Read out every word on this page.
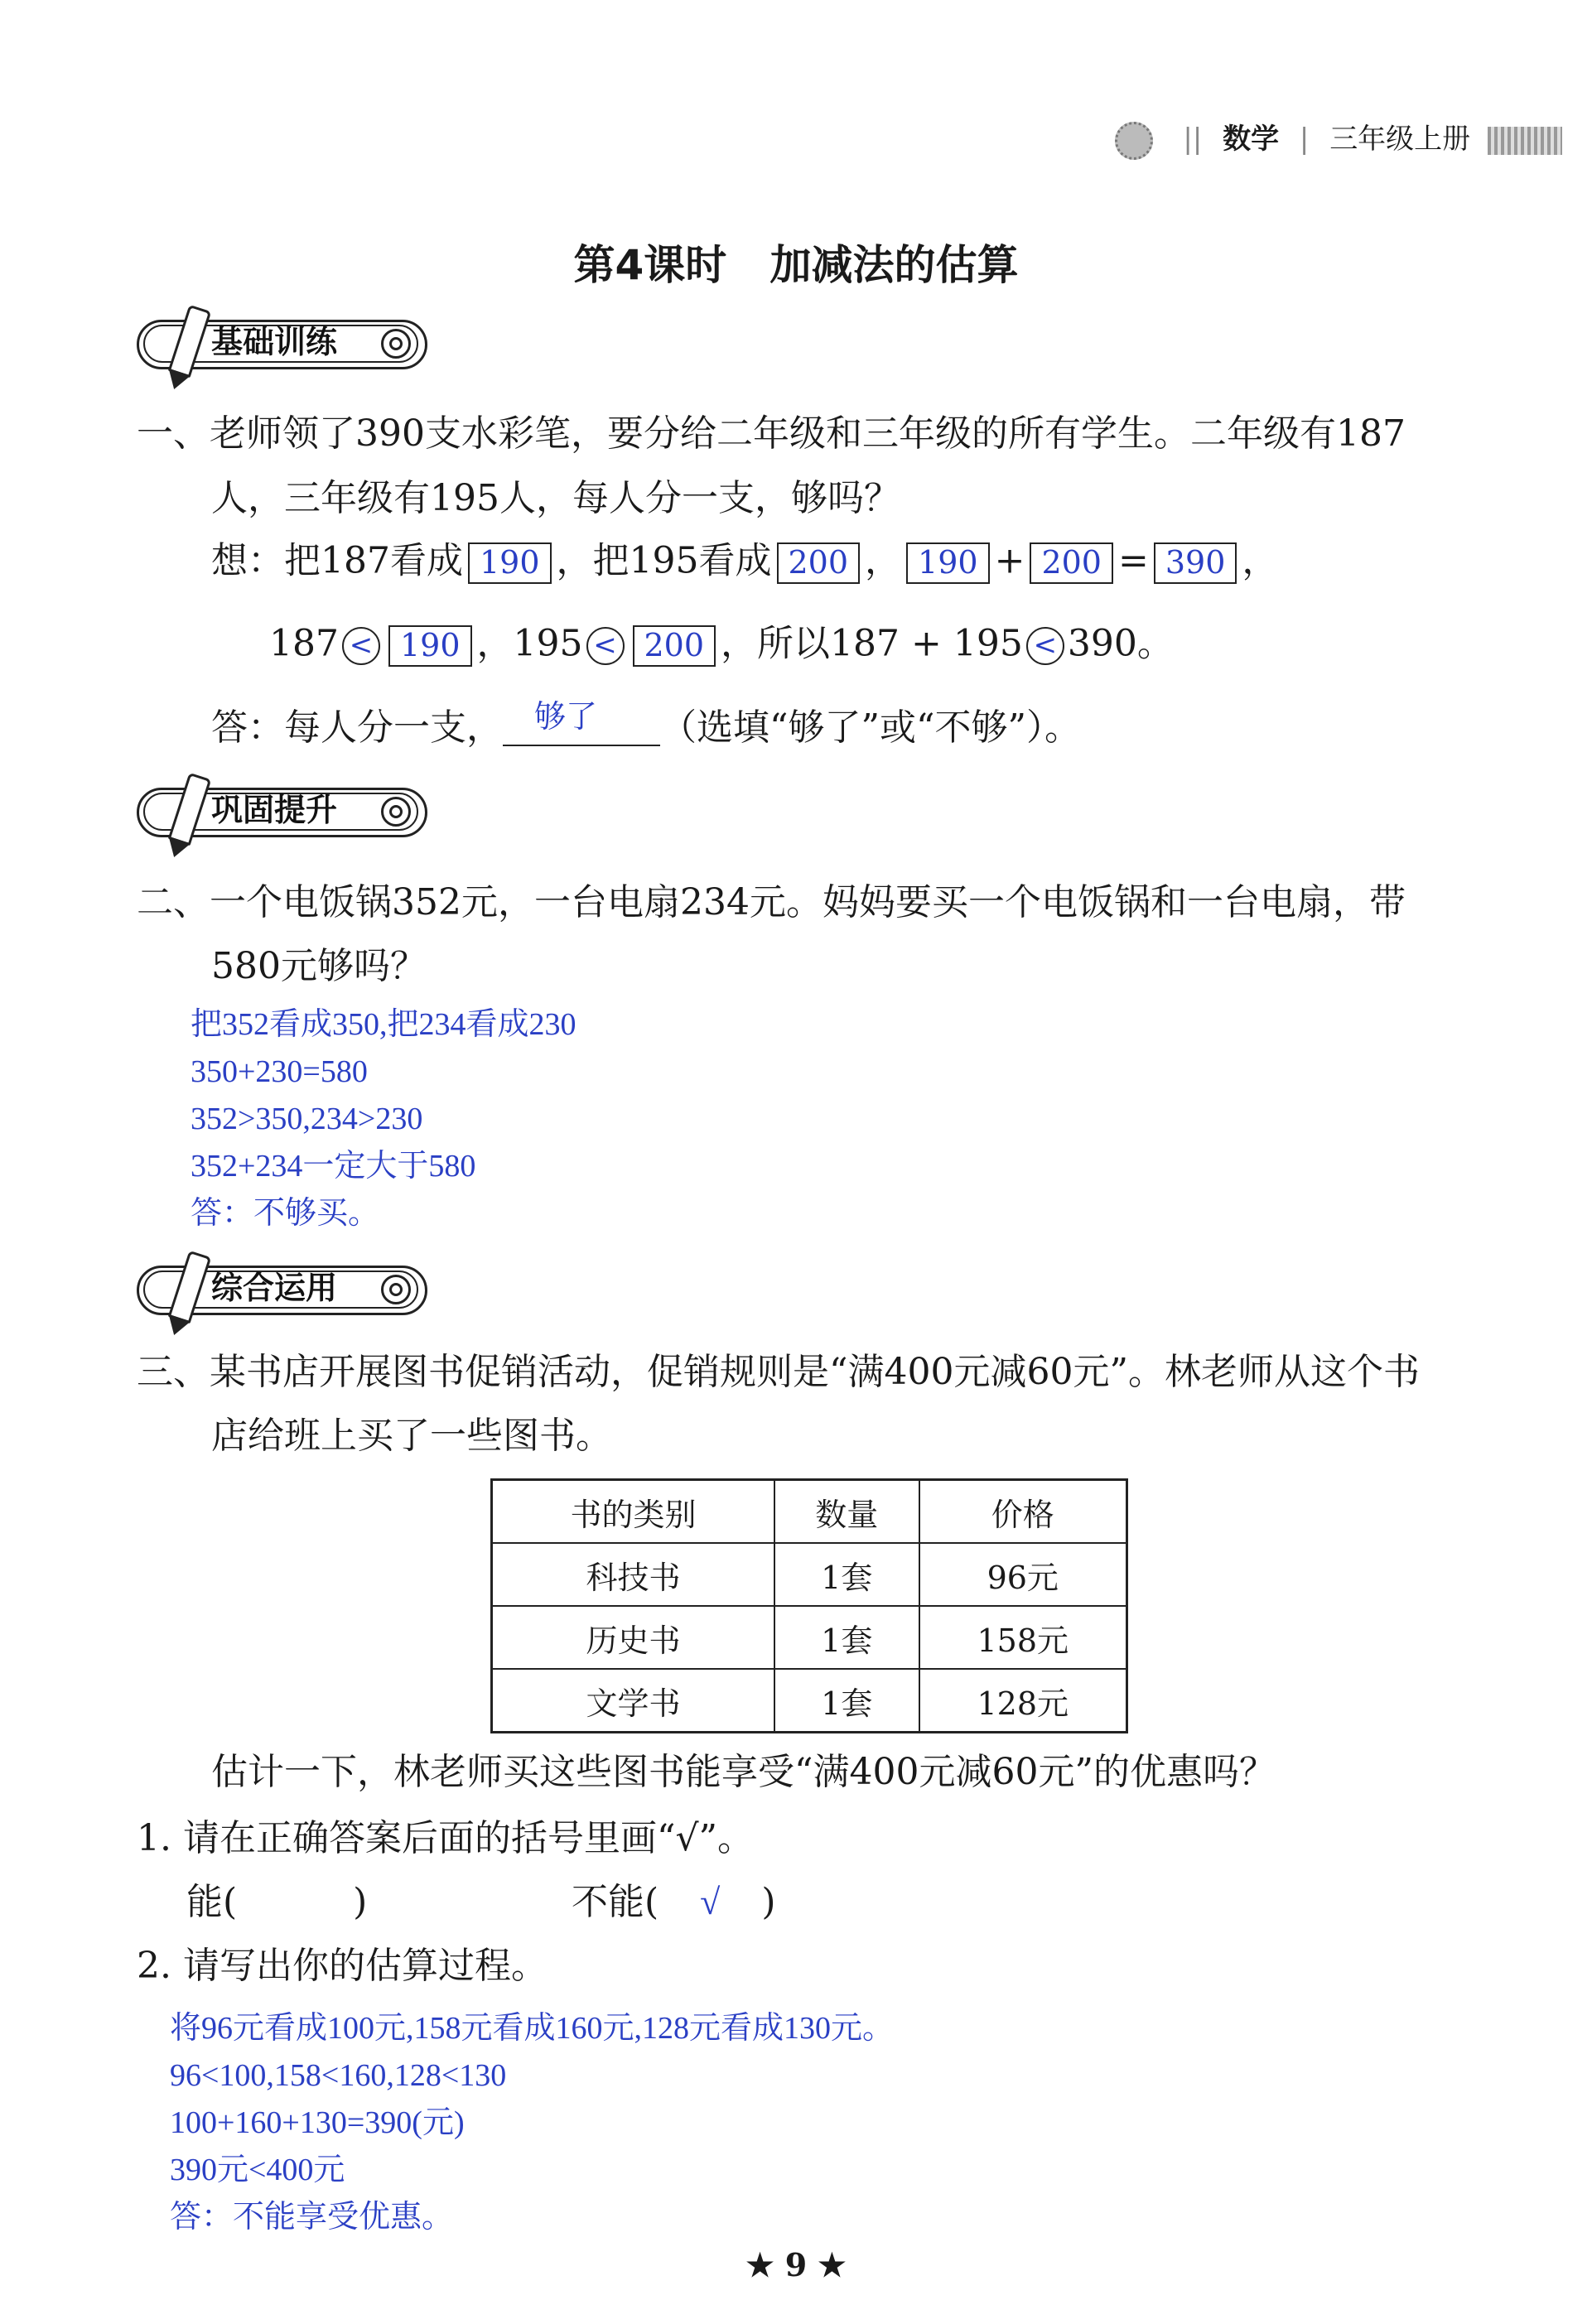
|| 数学 | 三年级上册
第4课时   加减法的估算
基础训练
一、老师领了390支水彩笔，要分给二年级和三年级的所有学生。二年级有187
人，三年级有195人，每人分一支，够吗？
想：把187看成 190 ，把195看成 200 ， 190 + 200 = 390 ，
187 < 190 ，195 < 200 ，所以187 + 195 < 390。
答：每人分一支， 够了 （选填“够了”或“不够”）。
巩固提升
二、一个电饭锅352元，一台电扇234元。妈妈要买一个电饭锅和一台电扇，带
580元够吗？
把352看成350,把234看成230
350+230=580
352>350,234>230
352+234一定大于580
答：不够买。
综合运用
三、某书店开展图书促销活动，促销规则是“满400元减60元”。林老师从这个书
店给班上买了一些图书。
书的类别	数量	价格
科技书	1套	96元
历史书	1套	158元
文学书	1套	128元
估计一下，林老师买这些图书能享受“满400元减60元”的优惠吗？
1. 请在正确答案后面的括号里画“√”。
能(	)	不能( √ )
2. 请写出你的估算过程。
将96元看成100元,158元看成160元,128元看成130元。
96<100,158<160,128<130
100+160+130=390(元)
390元<400元
答：不能享受优惠。
★ 9 ★
